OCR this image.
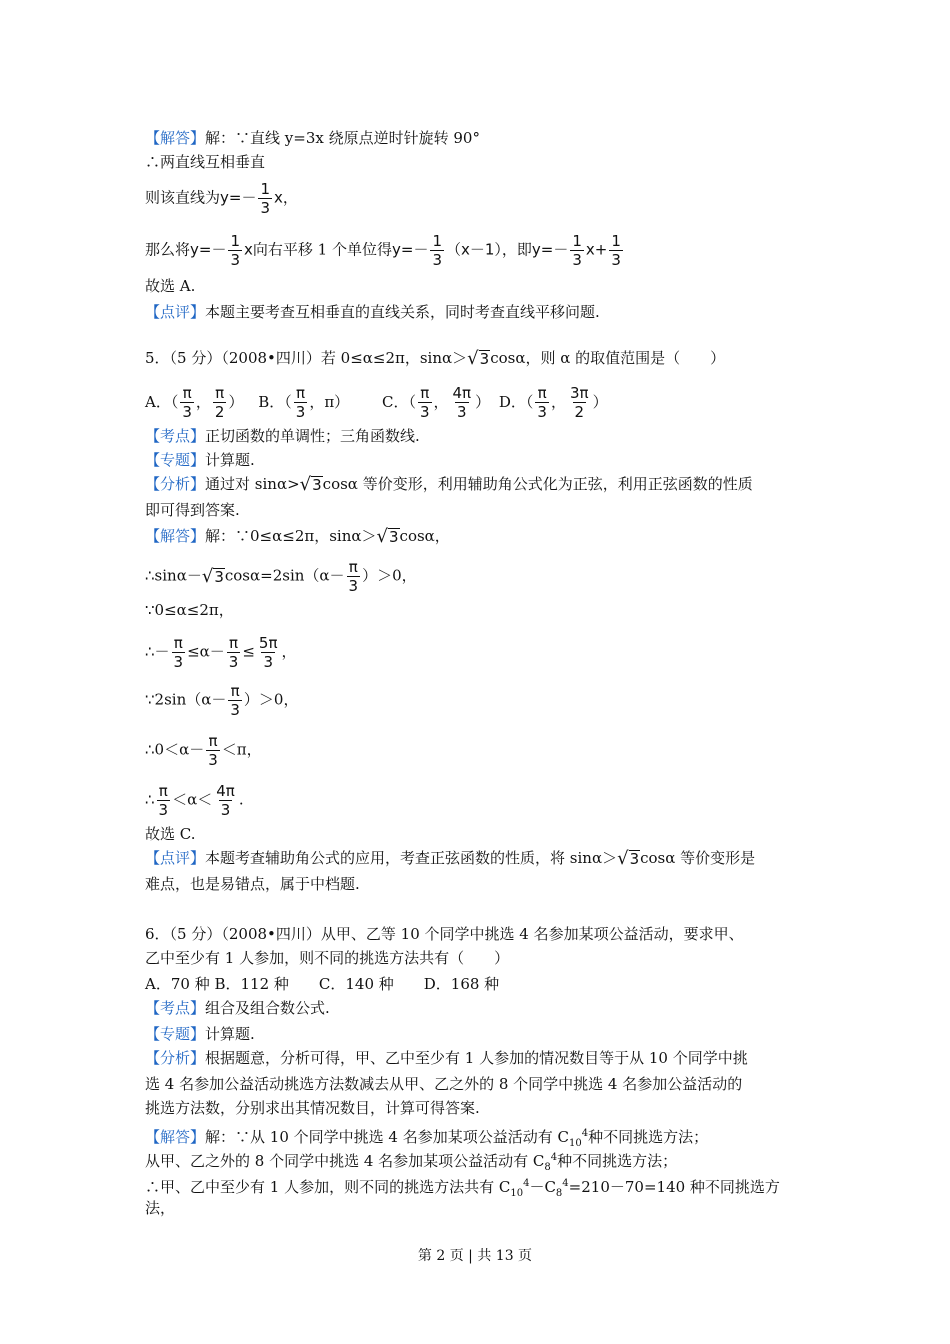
【解答】解：∵直线 y=3x 绕原点逆时针旋转 90°
∴两直线互相垂直
则该直线为$y=- \frac{1}{3}$ x，
那么将$y=- \frac{1}{3}$ x向右平移 1 个单位得$y=- \frac{1}{3} (x-1)$，即$y=- \frac{1}{3} x+ \frac{1}{3}$
故选 A.
【点评】本题主要考查互相垂直的直线关系，同时考查直线平移问题.
5．（5 分）（2008•四川）若 0≤α≤2π，sinα＞ √ 3 cosα，则 α 的取值范围是（　　）
A．（ $\frac{\pi}{3}$ ， $\frac{\pi}{2}$ ） B．（ $\frac{\pi}{3}$ ，π） C．（ $\frac{\pi}{3}$ ， $\frac{4\pi}{3}$ ） D．（ $\frac{\pi}{3}$ ， $\frac{3\pi}{2}$ ）
【考点】正切函数的单调性；三角函数线.
【专题】计算题.
【分析】通过对 sinα> √ 3 cosα 等价变形，利用辅助角公式化为正弦，利用正弦函数的性质
即可得到答案.
【解答】解：∵0≤α≤2π，sinα＞ √ 3 cosα，
∴sinα－ √ 3 $\cos\alpha=2\sin(\alpha- \frac{\pi}{3} )>0$，
∵0≤α≤2π，
∴－ $\frac{\pi}{3} \le\alpha- \frac{\pi}{3} \le \frac{5\pi}{3}$ ，
∵2sin（α－ $\frac{\pi}{3} )>0$，
∴0＜α－ $\frac{\pi}{3} <\pi$，
∴ $\frac{\pi}{3} <\alpha< \frac{4\pi}{3}$ .
故选 C.
【点评】本题考查辅助角公式的应用，考查正弦函数的性质，将 sinα＞ √ 3 cosα 等价变形是
难点，也是易错点，属于中档题.
6．（5 分）（2008•四川）从甲、乙等 10 个同学中挑选 4 名参加某项公益活动，要求甲、
乙中至少有 1 人参加，则不同的挑选方法共有（　　）
A．70 种 B．112 种　　C．140 种　　D．168 种
【考点】组合及组合数公式.
【专题】计算题.
【分析】根据题意，分析可得，甲、乙中至少有 1 人参加的情况数目等于从 10 个同学中挑
选 4 名参加公益活动挑选方法数减去从甲、乙之外的 8 个同学中挑选 4 名参加公益活动的
挑选方法数，分别求出其情况数目，计算可得答案.
【解答】解：∵从 10 个同学中挑选 4 名参加某项公益活动有 $C_{10}^4$种不同挑选方法；
从甲、乙之外的 8 个同学中挑选 4 名参加某项公益活动有 $C_8^4$种不同挑选方法；
∴甲、乙中至少有 1 人参加，则不同的挑选方法共有 $C_{10}^4-C_8^4=210-70=140$ 种不同挑选方
法，
第 2 页 | 共 13 页
